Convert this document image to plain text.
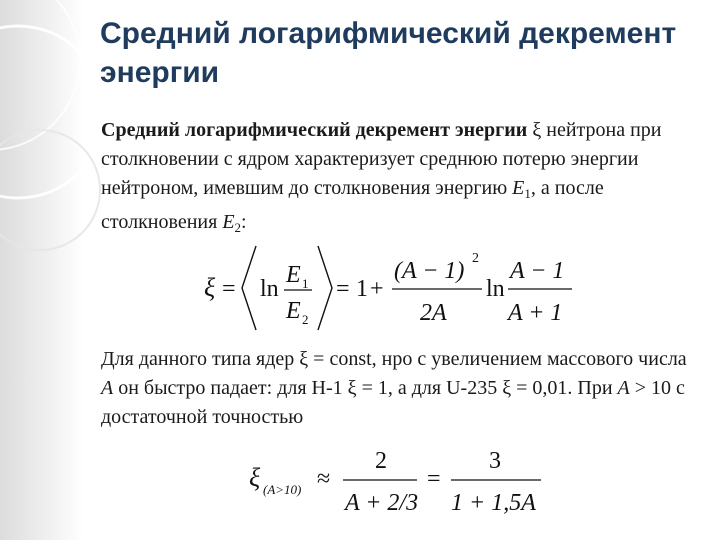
Средний логарифмический декремент энергии
Средний логарифмический декремент энергии ξ нейтрона при столкновении с ядром характеризует среднюю потерю энергии нейтроном, имевшим до столкновения энергию $E_1$, а после столкновения $E_2$:
ξ = ln
E 1
E 2
= 1 +
(A − 1) 2
2A
ln
A − 1
A + 1
Для данного типа ядер ξ = const, нро с увеличением массового числа A он быстро падает: для Н-1 ξ = 1, а для U-235 ξ = 0,01. При A > 10 с достаточной точностью
ξ (A>10) ≈
2
A + 2/3
=
3
1 + 1,5A
